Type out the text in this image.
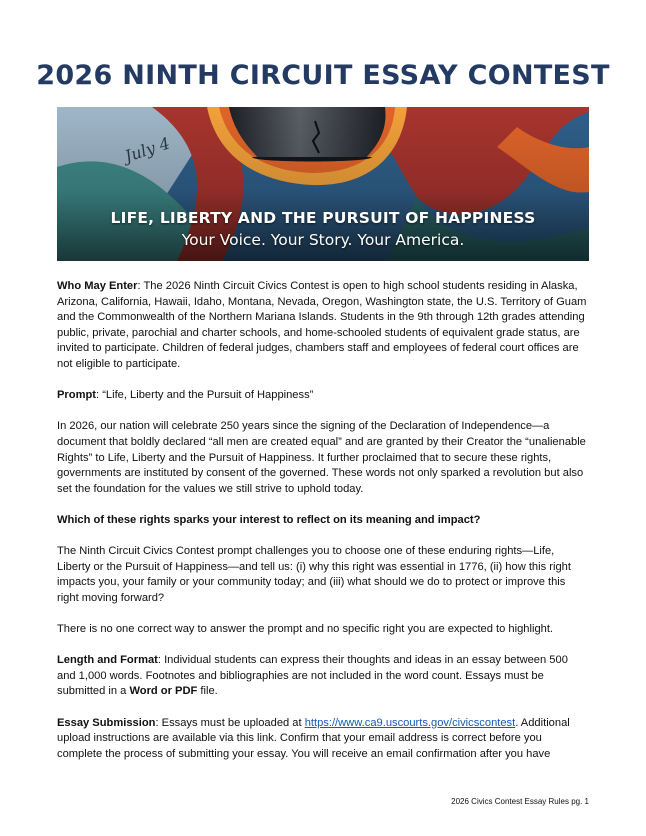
2026 NINTH CIRCUIT ESSAY CONTEST
LIFE, LIBERTY AND THE PURSUIT OF HAPPINESS
Your Voice. Your Story. Your America.

Who May Enter: The 2026 Ninth Circuit Civics Contest is open to high school students residing in Alaska, Arizona, California, Hawaii, Idaho, Montana, Nevada, Oregon, Washington state, the U.S. Territory of Guam and the Commonwealth of the Northern Mariana Islands. Students in the 9th through 12th grades attending public, private, parochial and charter schools, and home-schooled students of equivalent grade status, are invited to participate. Children of federal judges, chambers staff and employees of federal court offices are not eligible to participate.

Prompt: “Life, Liberty and the Pursuit of Happiness”

In 2026, our nation will celebrate 250 years since the signing of the Declaration of Independence—a document that boldly declared “all men are created equal” and are granted by their Creator the “unalienable Rights” to Life, Liberty and the Pursuit of Happiness. It further proclaimed that to secure these rights, governments are instituted by consent of the governed. These words not only sparked a revolution but also set the foundation for the values we still strive to uphold today.

Which of these rights sparks your interest to reflect on its meaning and impact?

The Ninth Circuit Civics Contest prompt challenges you to choose one of these enduring rights—Life, Liberty or the Pursuit of Happiness—and tell us: (i) why this right was essential in 1776, (ii) how this right impacts you, your family or your community today; and (iii) what should we do to protect or improve this right moving forward?

There is no one correct way to answer the prompt and no specific right you are expected to highlight.

Length and Format: Individual students can express their thoughts and ideas in an essay between 500 and 1,000 words. Footnotes and bibliographies are not included in the word count. Essays must be submitted in a Word or PDF file.

Essay Submission: Essays must be uploaded at https://www.ca9.uscourts.gov/civicscontest. Additional upload instructions are available via this link. Confirm that your email address is correct before you complete the process of submitting your essay. You will receive an email confirmation after you have

2026 Civics Contest Essay Rules pg. 1
